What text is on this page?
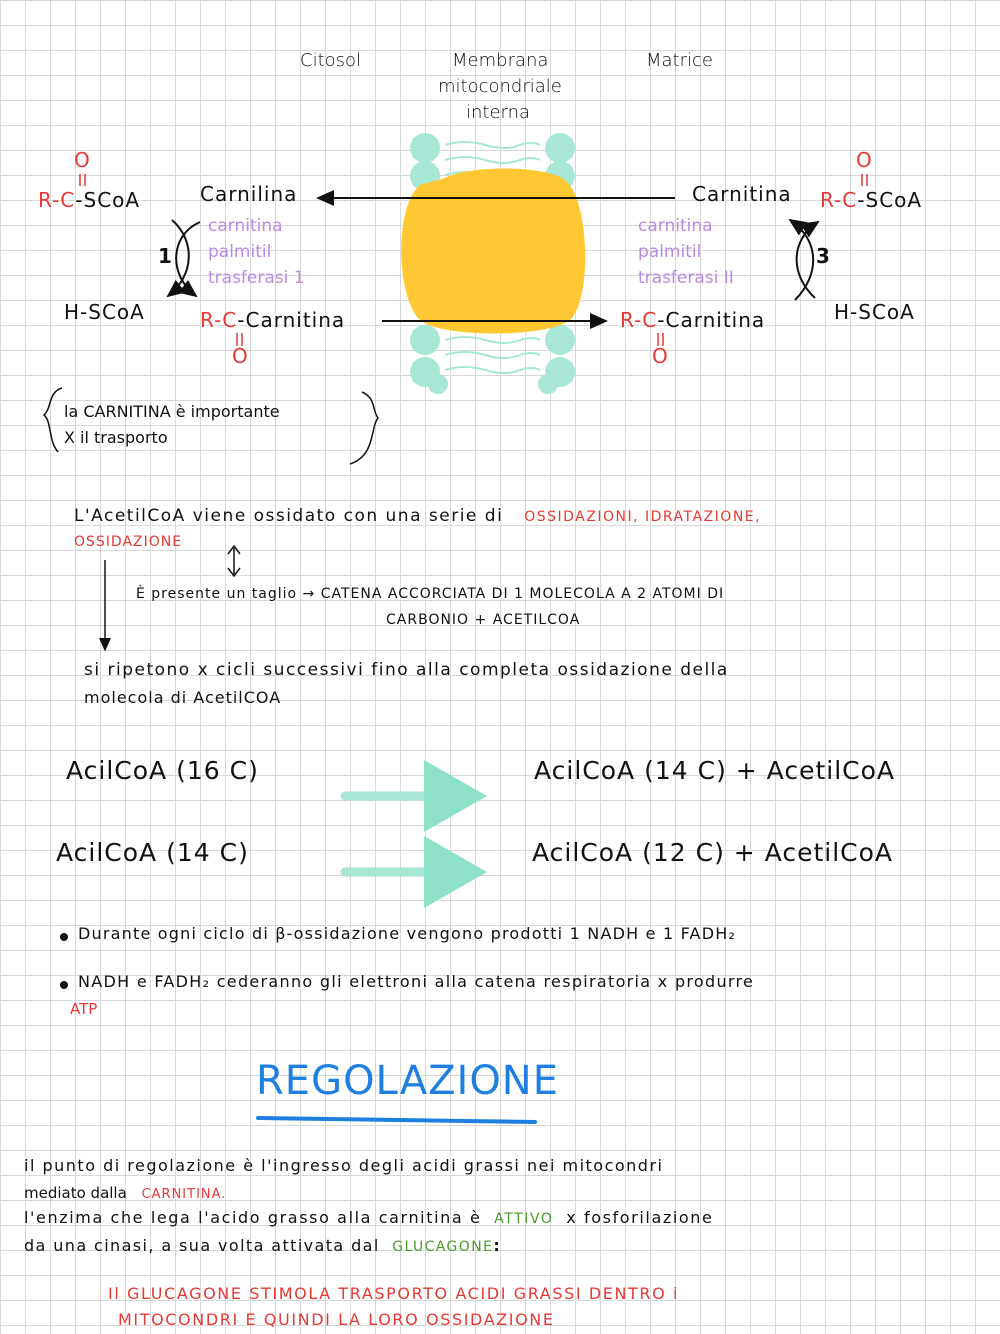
Citosol	Membrana
mitocondriale
interna
Matrice
O
R-C-SCoA	Carnilina
carnitina
palmitil
trasferasi 1
1
H-SCoA	R-C-Carnitina
O
O
Carnitina R-C-SCoA
carnitina
palmitil
trasferasi II
3
H-SCoA
R-C-Carnitina
O
la CARNITINA è importante
X il trasporto
L'AcetilCoA viene ossidato con una serie di OSSIDAZIONI, IDRATAZIONE,
OSSIDAZIONE
È presente un taglio → CATENA ACCORCIATA DI 1 MOLECOLA A 2 ATOMI DI
CARBONIO + ACETILCOA
si ripetono x cicli successivi fino alla completa ossidazione della
molecola di AcetilCOA
AcilCoA (16 C)	AcilCoA (14 C) + AcetilCoA
AcilCoA (14 C)	AcilCoA (12 C) + AcetilCoA
Durante ogni ciclo di β-ossidazione vengono prodotti 1 NADH e 1 FADH₂
NADH e FADH₂ cederanno gli elettroni alla catena respiratoria x produrre
ATP
REGOLAZIONE
il punto di regolazione è l'ingresso degli acidi grassi nei mitocondri
mediato dalla CARNITINA.
l'enzima che lega l'acido grasso alla carnitina è ATTIVO x fosforilazione
da una cinasi, a sua volta attivata dal GLUCAGONE:
Il GLUCAGONE STIMOLA TRASPORTO ACIDI GRASSI DENTRO i
MITOCONDRI E QUINDI LA LORO OSSIDAZIONE
